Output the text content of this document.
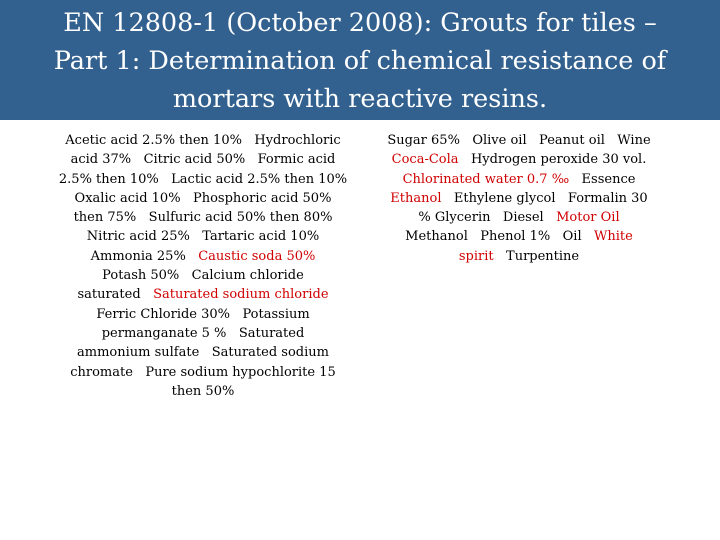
EN 12808-1 (October 2008): Grouts for tiles –
Part 1: Determination of chemical resistance of
mortars with reactive resins.
Acetic acid 2.5% then 10% Hydrochloric
acid 37% Citric acid 50% Formic acid
2.5% then 10% Lactic acid 2.5% then 10%
Oxalic acid 10% Phosphoric acid 50%
then 75% Sulfuric acid 50% then 80%
Nitric acid 25% Tartaric acid 10%
Ammonia 25% Caustic soda 50%
Potash 50% Calcium chloride
saturated Saturated sodium chloride
Ferric Chloride 30% Potassium
permanganate 5 % Saturated
ammonium sulfate Saturated sodium
chromate Pure sodium hypochlorite 15
then 50%
Sugar 65% Olive oil Peanut oil Wine
Coca-Cola Hydrogen peroxide 30 vol.
Chlorinated water 0.7 ‰ Essence
Ethanol Ethylene glycol Formalin 30
% Glycerin Diesel Motor Oil
Methanol Phenol 1% Oil White
spirit Turpentine
